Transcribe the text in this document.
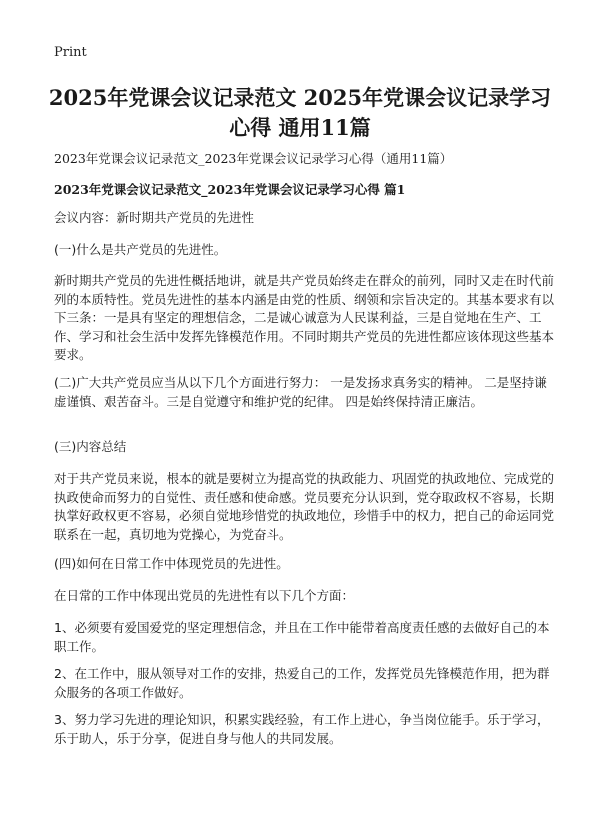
Print
2025年党课会议记录范文 2025年党课会议记录学习心得 通用11篇

2023年党课会议记录范文_2023年党课会议记录学习心得（通用11篇）

2023年党课会议记录范文_2023年党课会议记录学习心得 篇1

会议内容：新时期共产党员的先进性

(一)什么是共产党员的先进性。

新时期共产党员的先进性概括地讲，就是共产党员始终走在群众的前列，同时又走在时代前列的本质特性。党员先进性的基本内涵是由党的性质、纲领和宗旨决定的。其基本要求有以下三条：一是具有坚定的理想信念，二是诚心诚意为人民谋利益，三是自觉地在生产、工作、学习和社会生活中发挥先锋模范作用。不同时期共产党员的先进性都应该体现这些基本要求。

(二)广大共产党员应当从以下几个方面进行努力： 一是发扬求真务实的精神。 二是坚持谦虚谨慎、艰苦奋斗。三是自觉遵守和维护党的纪律。 四是始终保持清正廉洁。

(三)内容总结

对于共产党员来说，根本的就是要树立为提高党的执政能力、巩固党的执政地位、完成党的执政使命而努力的自觉性、责任感和使命感。党员要充分认识到，党夺取政权不容易，长期执掌好政权更不容易，必须自觉地珍惜党的执政地位，珍惜手中的权力，把自己的命运同党联系在一起，真切地为党操心，为党奋斗。

(四)如何在日常工作中体现党员的先进性。

在日常的工作中体现出党员的先进性有以下几个方面：

1、必须要有爱国爱党的坚定理想信念，并且在工作中能带着高度责任感的去做好自己的本职工作。

2、在工作中，服从领导对工作的安排，热爱自己的工作，发挥党员先锋模范作用，把为群众服务的各项工作做好。

3、努力学习先进的理论知识，积累实践经验，有工作上进心，争当岗位能手。乐于学习，乐于助人，乐于分享，促进自身与他人的共同发展。
